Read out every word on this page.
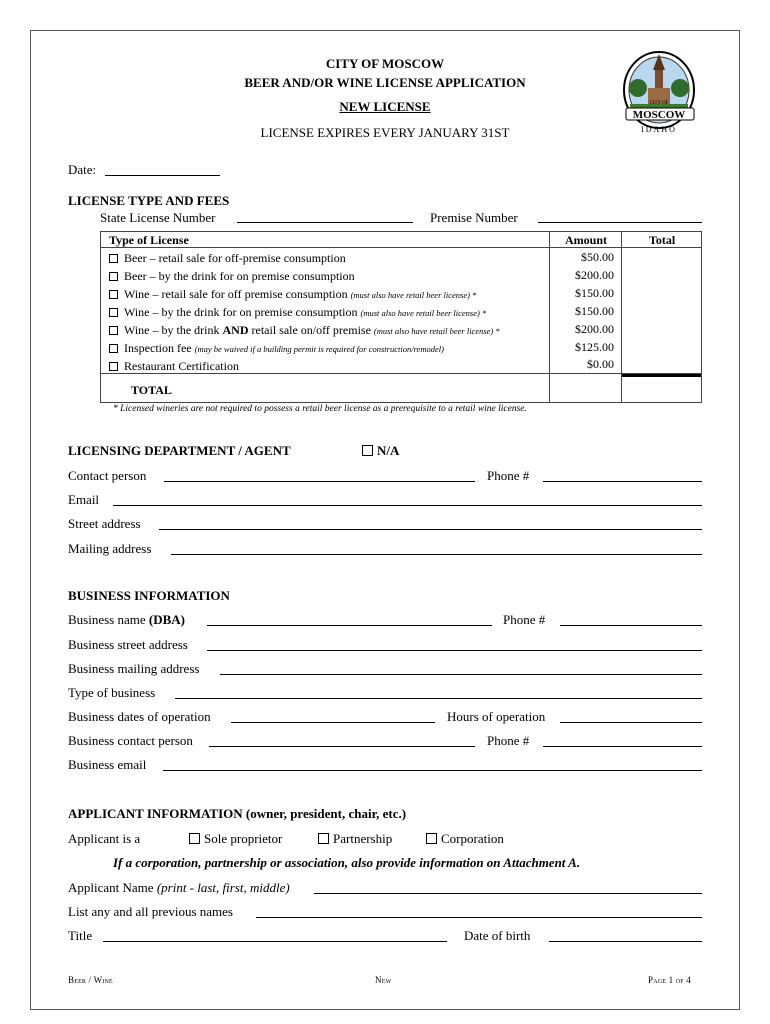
CITY OF MOSCOW
BEER AND/OR WINE LICENSE APPLICATION
NEW LICENSE
LICENSE EXPIRES EVERY JANUARY 31ST
CITY OF
MOSCOW
IDAHO
Date:
LICENSE TYPE AND FEES
State License Number	Premise Number
Type of License	Amount	Total
Beer – retail sale for off-premise consumption	$50.00
Beer – by the drink for on premise consumption	$200.00
Wine – retail sale for off premise consumption (must also have retail beer license) *	$150.00
Wine – by the drink for on premise consumption (must also have retail beer license) *	$150.00
Wine – by the drink AND retail sale on/off premise (must also have retail beer license) *	$200.00
Inspection fee (may be waived if a building permit is required for construction/remodel)	$125.00
Restaurant Certification	$0.00
TOTAL
* Licensed wineries are not required to possess a retail beer license as a prerequisite to a retail wine license.
LICENSING DEPARTMENT / AGENT	N/A
Contact person	Phone #
Email
Street address
Mailing address
BUSINESS INFORMATION
Business name (DBA)	Phone #
Business street address
Business mailing address
Type of business
Business dates of operation	Hours of operation
Business contact person	Phone #
Business email
APPLICANT INFORMATION (owner, president, chair, etc.)
Applicant is a	Sole proprietor	Partnership	Corporation
If a corporation, partnership or association, also provide information on Attachment A.
Applicant Name (print - last, first, middle)
List any and all previous names
Title	Date of birth
Beer / Wine	New	Page 1 of 4
